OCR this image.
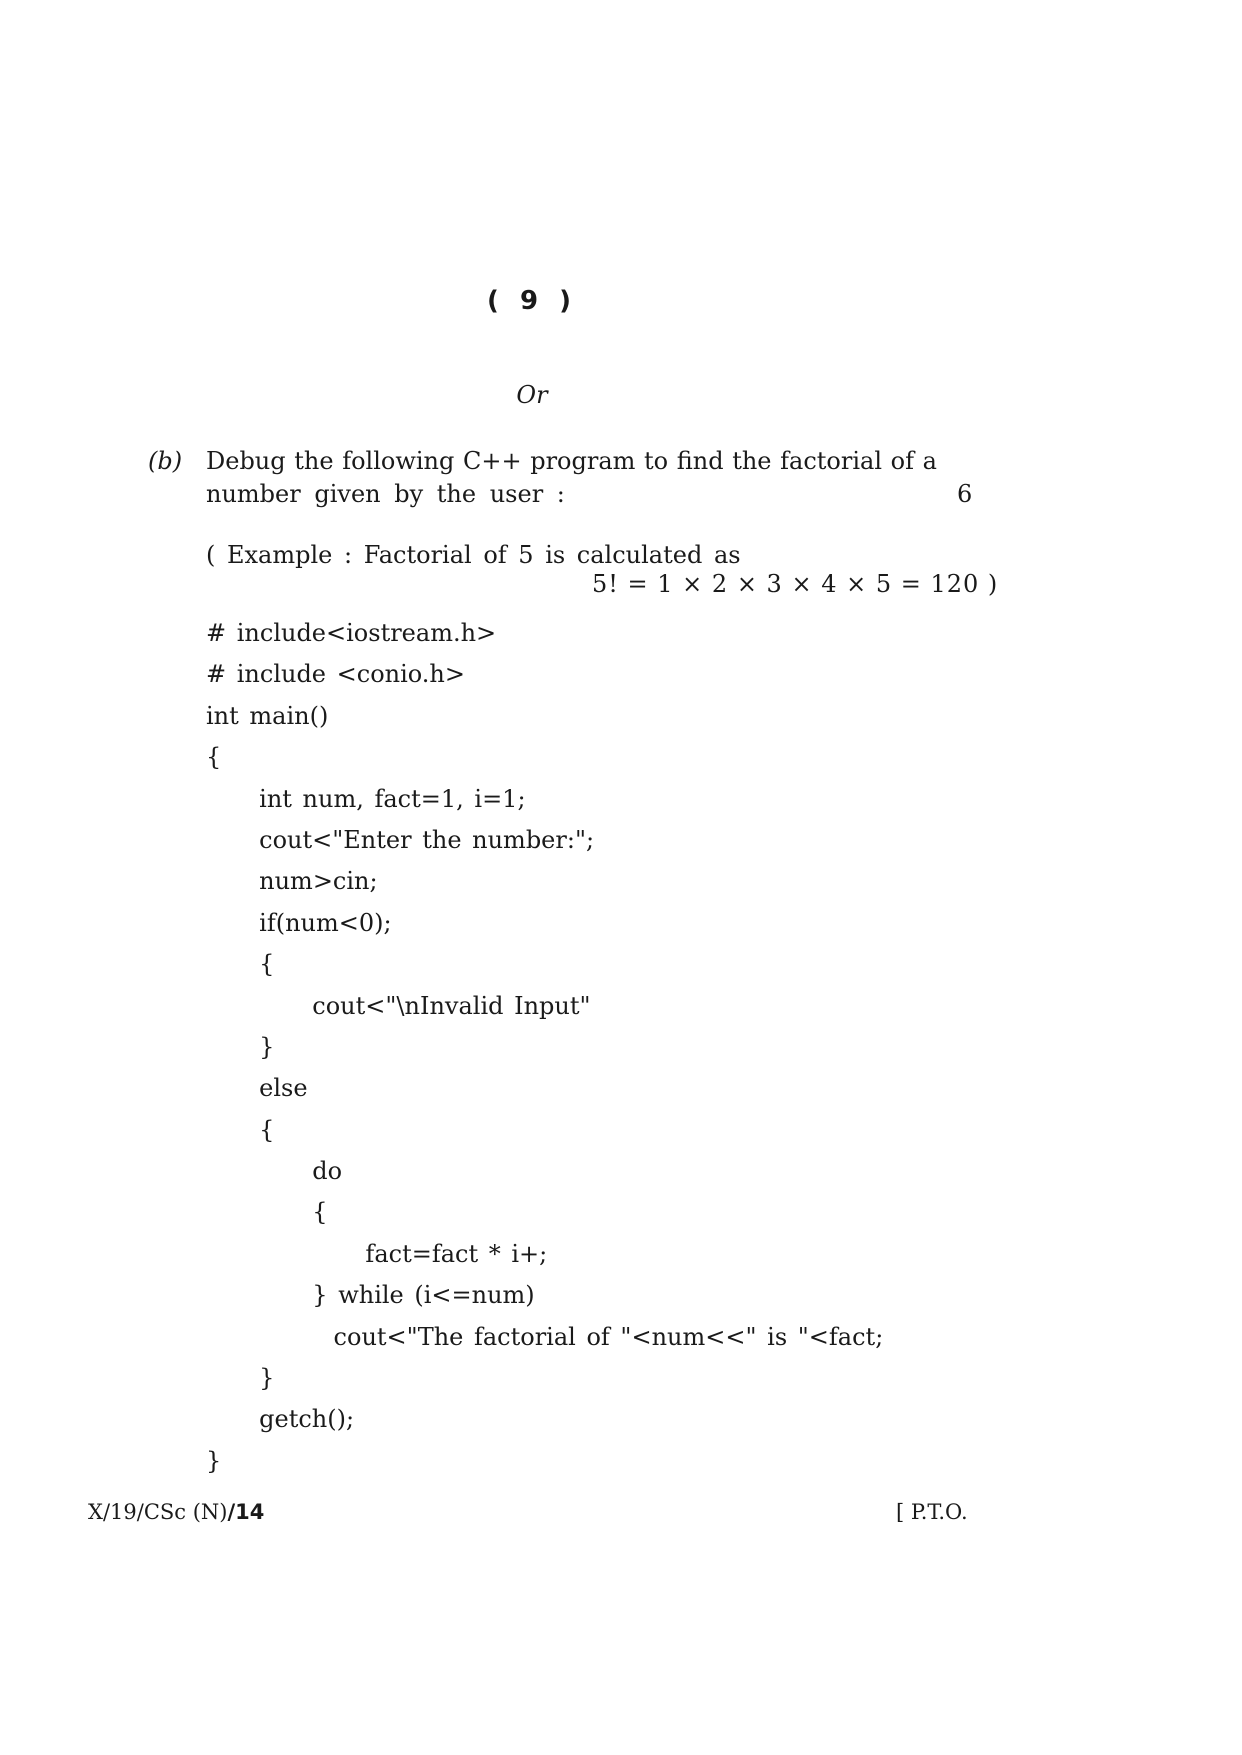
( 9 )
Or
(b) Debug the following C++ program to find the factorial of a
number given by the user :	6
( Example : Factorial of 5 is calculated as
5! = 1 × 2 × 3 × 4 × 5 = 120 )
# include<iostream.h>
# include <conio.h>
int main()
{
int num, fact=1, i=1;
cout<"Enter the number:";
num>cin;
if(num<0);
{
cout<"\nInvalid Input"
}
else
{
do
{
fact=fact * i+;
} while (i<=num)
cout<"The factorial of "<num<<" is "<fact;
}
getch();
}
X/19/CSc (N)/14	[ P.T.O.
